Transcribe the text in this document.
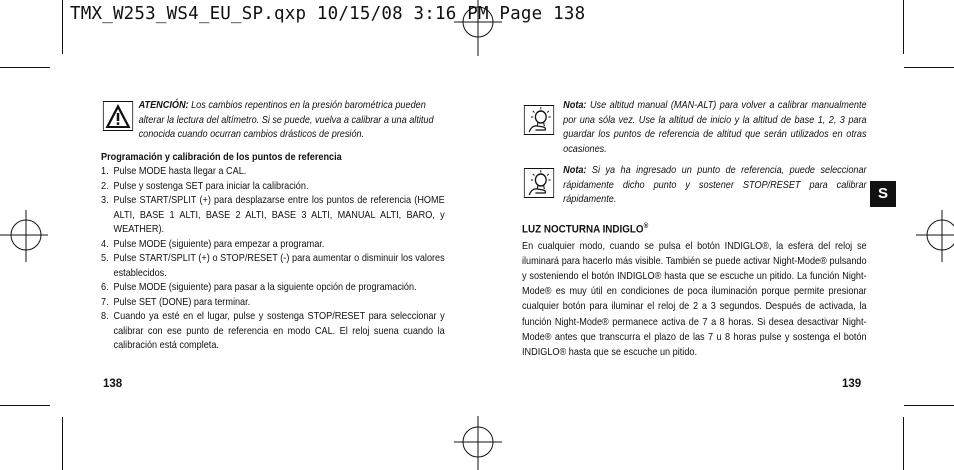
TMX_W253_WS4_EU_SP.qxp 10/15/08 3:16 PM Page 138
S

ATENCIÓN: Los cambios repentinos en la presión barométrica pueden alterar la lectura del altímetro. Si se puede, vuelva a calibrar a una altitud conocida cuando ocurran cambios drásticos de presión.

Programación y calibración de los puntos de referencia

1. Pulse MODE hasta llegar a CAL.
2. Pulse y sostenga SET para iniciar la calibración.
3. Pulse START/SPLIT (+) para desplazarse entre los puntos de referencia (HOME ALTI, BASE 1 ALTI, BASE 2 ALTI, BASE 3 ALTI, MANUAL ALTI, BARO, y WEATHER).
4. Pulse MODE (siguiente) para empezar a programar.
5. Pulse START/SPLIT (+) o STOP/RESET (-) para aumentar o disminuir los valores establecidos.
6. Pulse MODE (siguiente) para pasar a la siguiente opción de programación.
7. Pulse SET (DONE) para terminar.
8. Cuando ya esté en el lugar, pulse y sostenga STOP/RESET para seleccionar y calibrar con ese punto de referencia en modo CAL. El reloj suena cuando la calibración está completa.
138

Nota: Use altitud manual (MAN-ALT) para volver a calibrar manualmente por una sóla vez. Use la altitud de inicio y la altitud de base 1, 2, 3 para guardar los puntos de referencia de altitud que serán utilizados en otras ocasiones.

Nota: Si ya ha ingresado un punto de referencia, puede seleccionar rápidamente dicho punto y sostener STOP/RESET para calibrar rápidamente.

LUZ NOCTURNA INDIGLO®

En cualquier modo, cuando se pulsa el botón INDIGLO®, la esfera del reloj se iluminará para hacerlo más visible. También se puede activar Night-Mode® pulsando y sosteniendo el botón INDIGLO® hasta que se escuche un pitido. La función Night-Mode® es muy útil en condiciones de poca iluminación porque permite presionar cualquier botón para iluminar el reloj de 2 a 3 segundos. Después de activada, la función Night-Mode® permanece activa de 7 a 8 horas. Si desea desactivar Night-Mode® antes que transcurra el plazo de las 7 u 8 horas pulse y sostenga el botón INDIGLO® hasta que se escuche un pitido.

139
